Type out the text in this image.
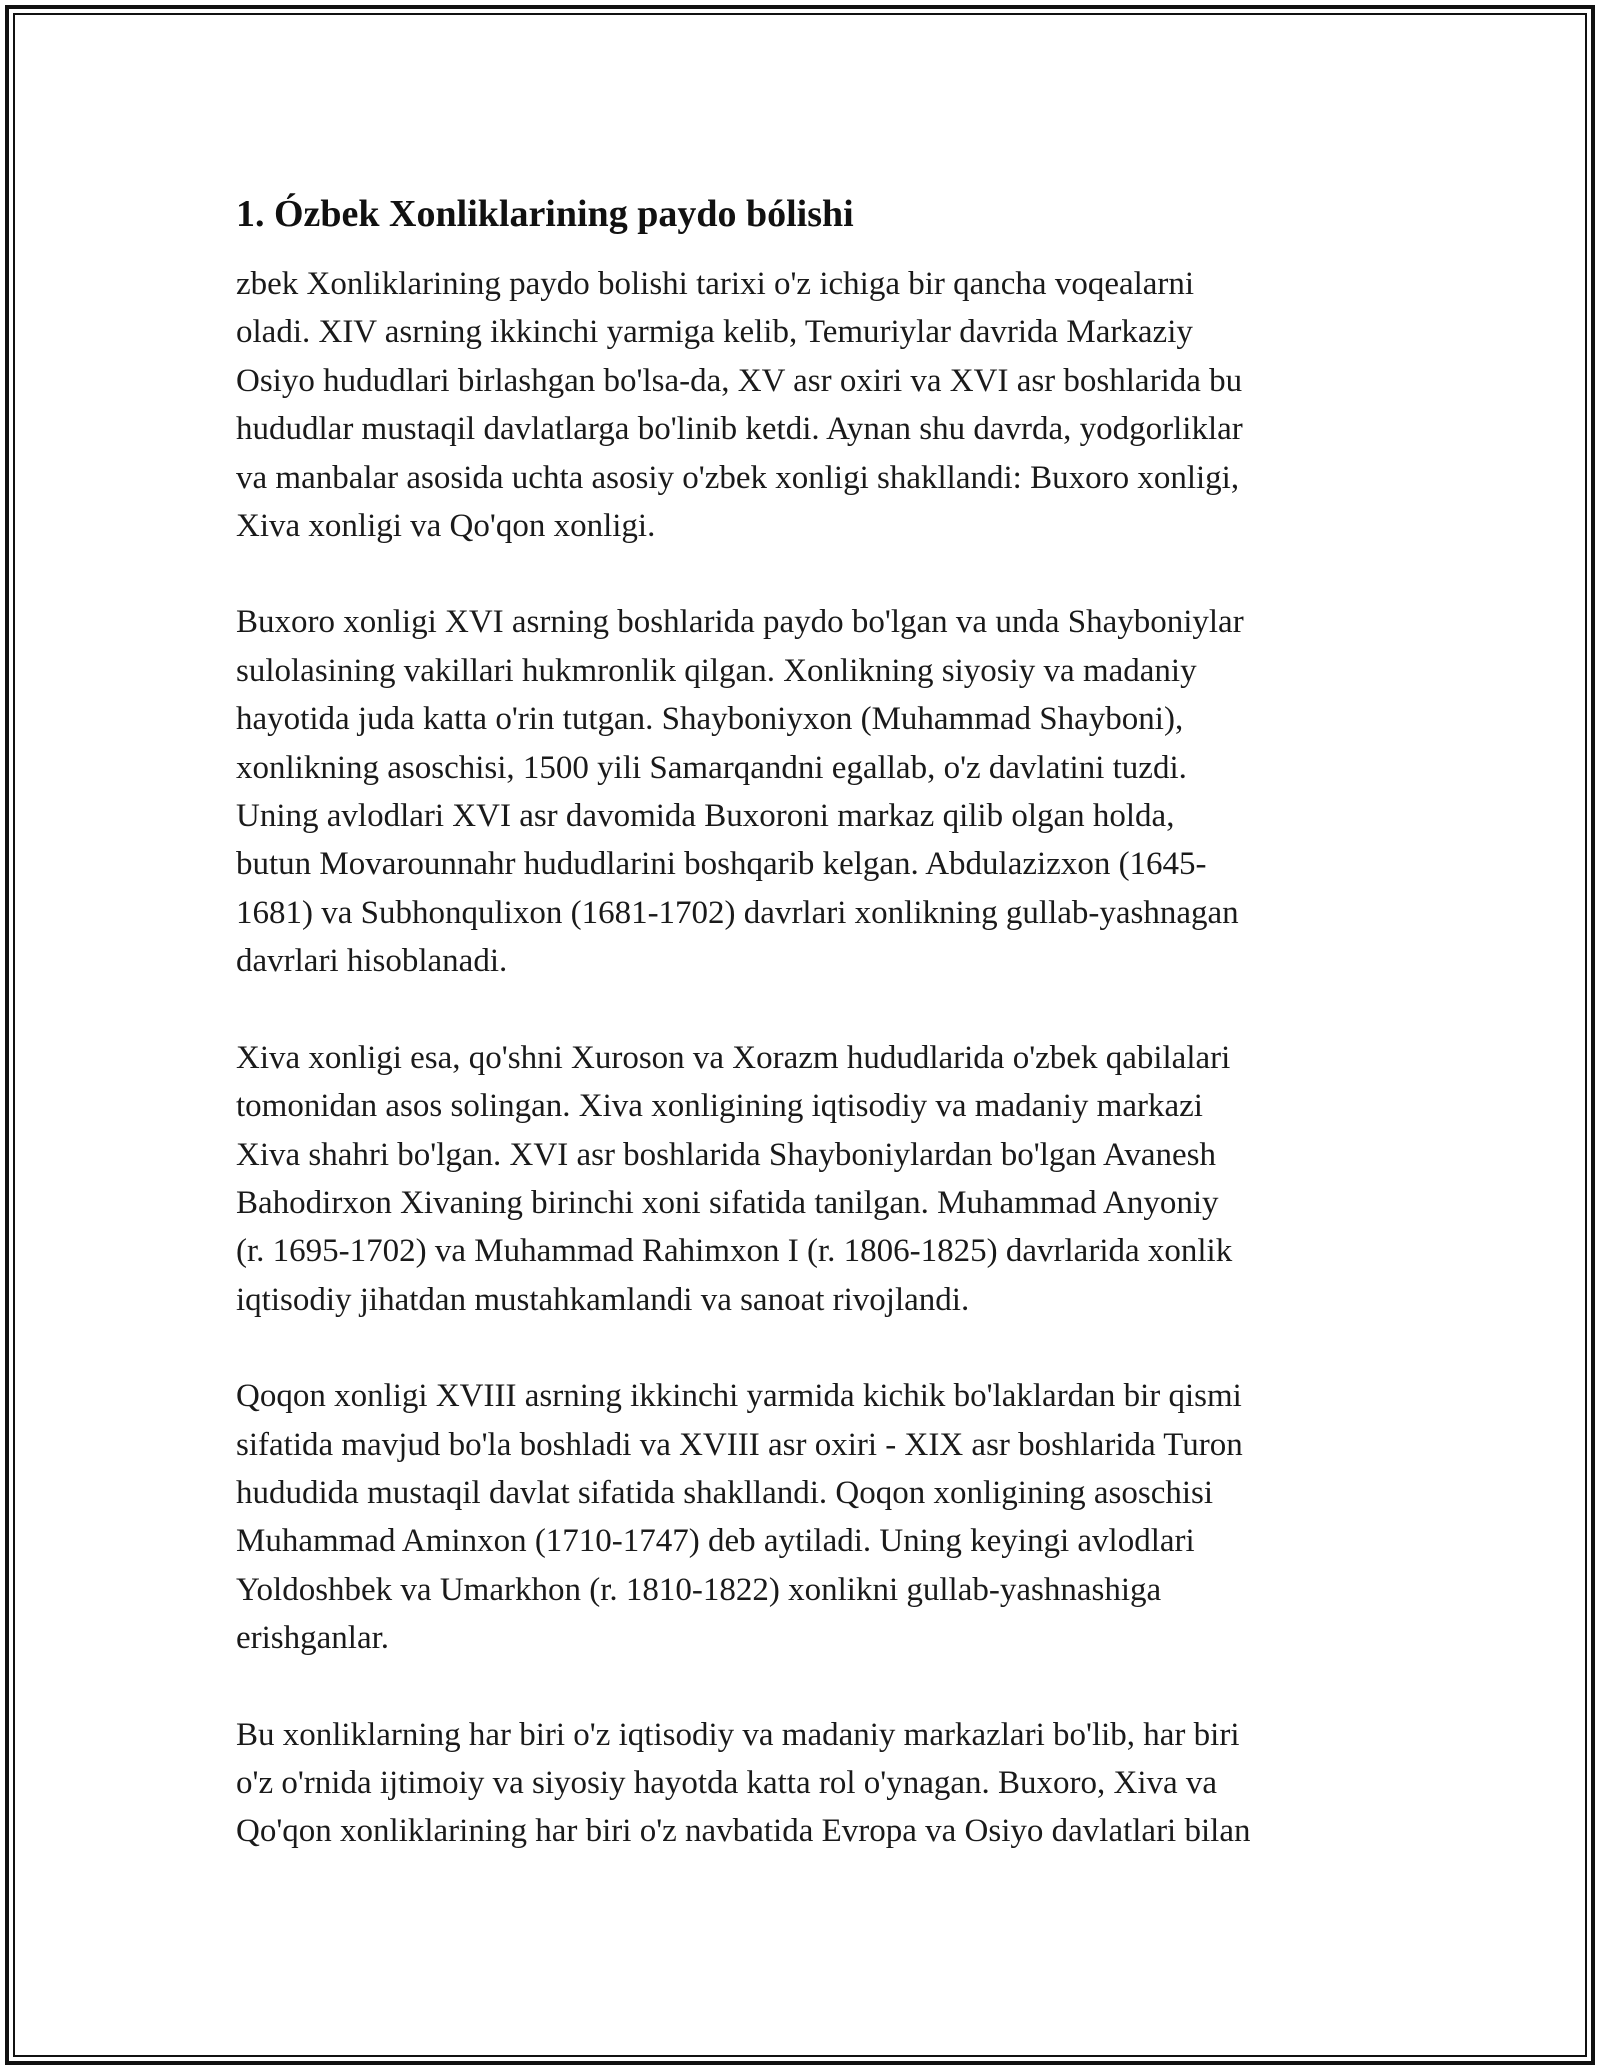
1. Ózbek Xonliklarining paydo bólishi

zbek Xonliklarining paydo bolishi tarixi o'z ichiga bir qancha voqealarni
oladi. XIV asrning ikkinchi yarmiga kelib, Temuriylar davrida Markaziy
Osiyo hududlari birlashgan bo'lsa-da, XV asr oxiri va XVI asr boshlarida bu
hududlar mustaqil davlatlarga bo'linib ketdi. Aynan shu davrda, yodgorliklar
va manbalar asosida uchta asosiy o'zbek xonligi shakllandi: Buxoro xonligi,
Xiva xonligi va Qo'qon xonligi.

Buxoro xonligi XVI asrning boshlarida paydo bo'lgan va unda Shayboniylar
sulolasining vakillari hukmronlik qilgan. Xonlikning siyosiy va madaniy
hayotida juda katta o'rin tutgan. Shayboniyxon (Muhammad Shayboni),
xonlikning asoschisi, 1500 yili Samarqandni egallab, o'z davlatini tuzdi.
Uning avlodlari XVI asr davomida Buxoroni markaz qilib olgan holda,
butun Movarounnahr hududlarini boshqarib kelgan. Abdulazizxon (1645-
1681) va Subhonqulixon (1681-1702) davrlari xonlikning gullab-yashnagan
davrlari hisoblanadi.

Xiva xonligi esa, qo'shni Xuroson va Xorazm hududlarida o'zbek qabilalari
tomonidan asos solingan. Xiva xonligining iqtisodiy va madaniy markazi
Xiva shahri bo'lgan. XVI asr boshlarida Shayboniylardan bo'lgan Avanesh
Bahodirxon Xivaning birinchi xoni sifatida tanilgan. Muhammad Anyoniy
(r. 1695-1702) va Muhammad Rahimxon I (r. 1806-1825) davrlarida xonlik
iqtisodiy jihatdan mustahkamlandi va sanoat rivojlandi.

Qoqon xonligi XVIII asrning ikkinchi yarmida kichik bo'laklardan bir qismi
sifatida mavjud bo'la boshladi va XVIII asr oxiri - XIX asr boshlarida Turon
hududida mustaqil davlat sifatida shakllandi. Qoqon xonligining asoschisi
Muhammad Aminxon (1710-1747) deb aytiladi. Uning keyingi avlodlari
Yoldoshbek va Umarkhon (r. 1810-1822) xonlikni gullab-yashnashiga
erishganlar.

Bu xonliklarning har biri o'z iqtisodiy va madaniy markazlari bo'lib, har biri
o'z o'rnida ijtimoiy va siyosiy hayotda katta rol o'ynagan. Buxoro, Xiva va
Qo'qon xonliklarining har biri o'z navbatida Evropa va Osiyo davlatlari bilan
